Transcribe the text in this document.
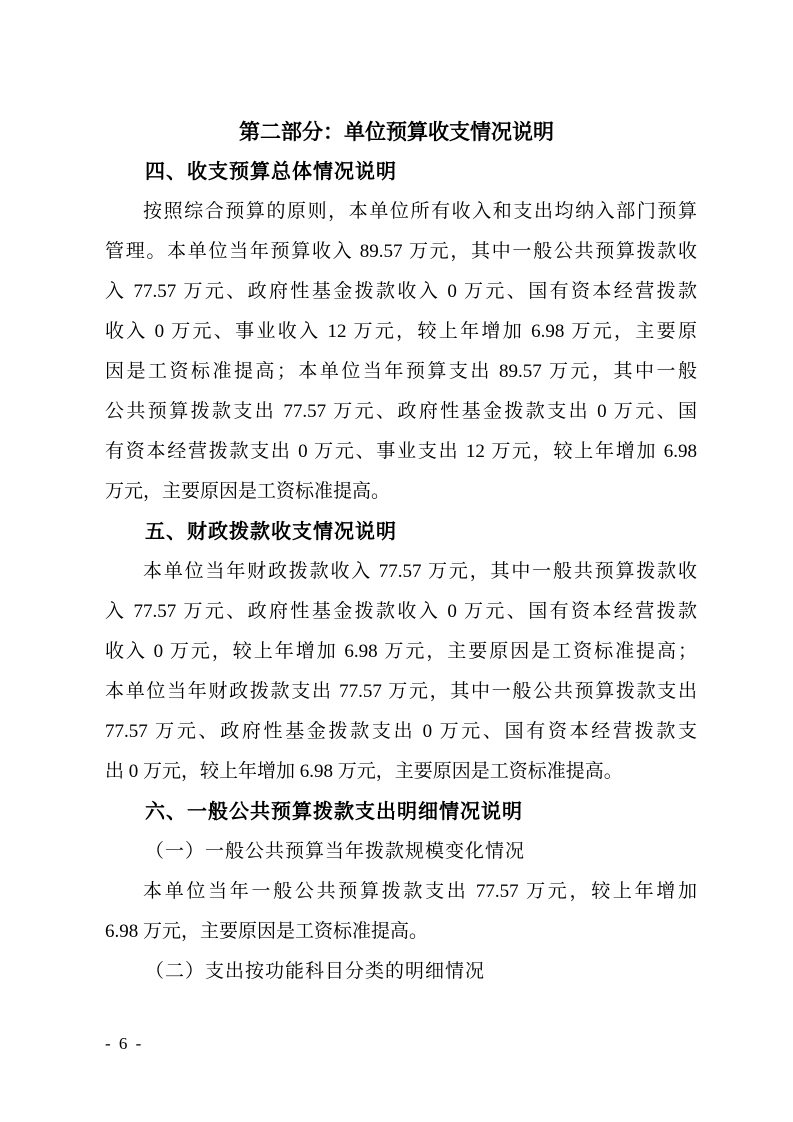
第二部分：单位预算收支情况说明
四、收支预算总体情况说明

按照综合预算的原则，本单位所有收入和支出均纳入部门预算

管理。本单位当年预算收入 89.57 万元，其中一般公共预算拨款收

入 77.57 万元、政府性基金拨款收入 0 万元、国有资本经营拨款

收入 0 万元、事业收入 12 万元，较上年增加 6.98 万元，主要原

因是工资标准提高；本单位当年预算支出 89.57 万元，其中一般

公共预算拨款支出 77.57 万元、政府性基金拨款支出 0 万元、国

有资本经营拨款支出 0 万元、事业支出 12 万元，较上年增加 6.98

万元，主要原因是工资标准提高。

五、财政拨款收支情况说明

本单位当年财政拨款收入 77.57 万元，其中一般共预算拨款收

入 77.57 万元、政府性基金拨款收入 0 万元、国有资本经营拨款

收入 0 万元，较上年增加 6.98 万元，主要原因是工资标准提高；

本单位当年财政拨款支出 77.57 万元，其中一般公共预算拨款支出

77.57 万元、政府性基金拨款支出 0 万元、国有资本经营拨款支

出 0 万元，较上年增加 6.98 万元，主要原因是工资标准提高。

六、一般公共预算拨款支出明细情况说明
（一）一般公共预算当年拨款规模变化情况

本单位当年一般公共预算拨款支出 77.57 万元，较上年增加

6.98 万元，主要原因是工资标准提高。

（二）支出按功能科目分类的明细情况
- 6 -
